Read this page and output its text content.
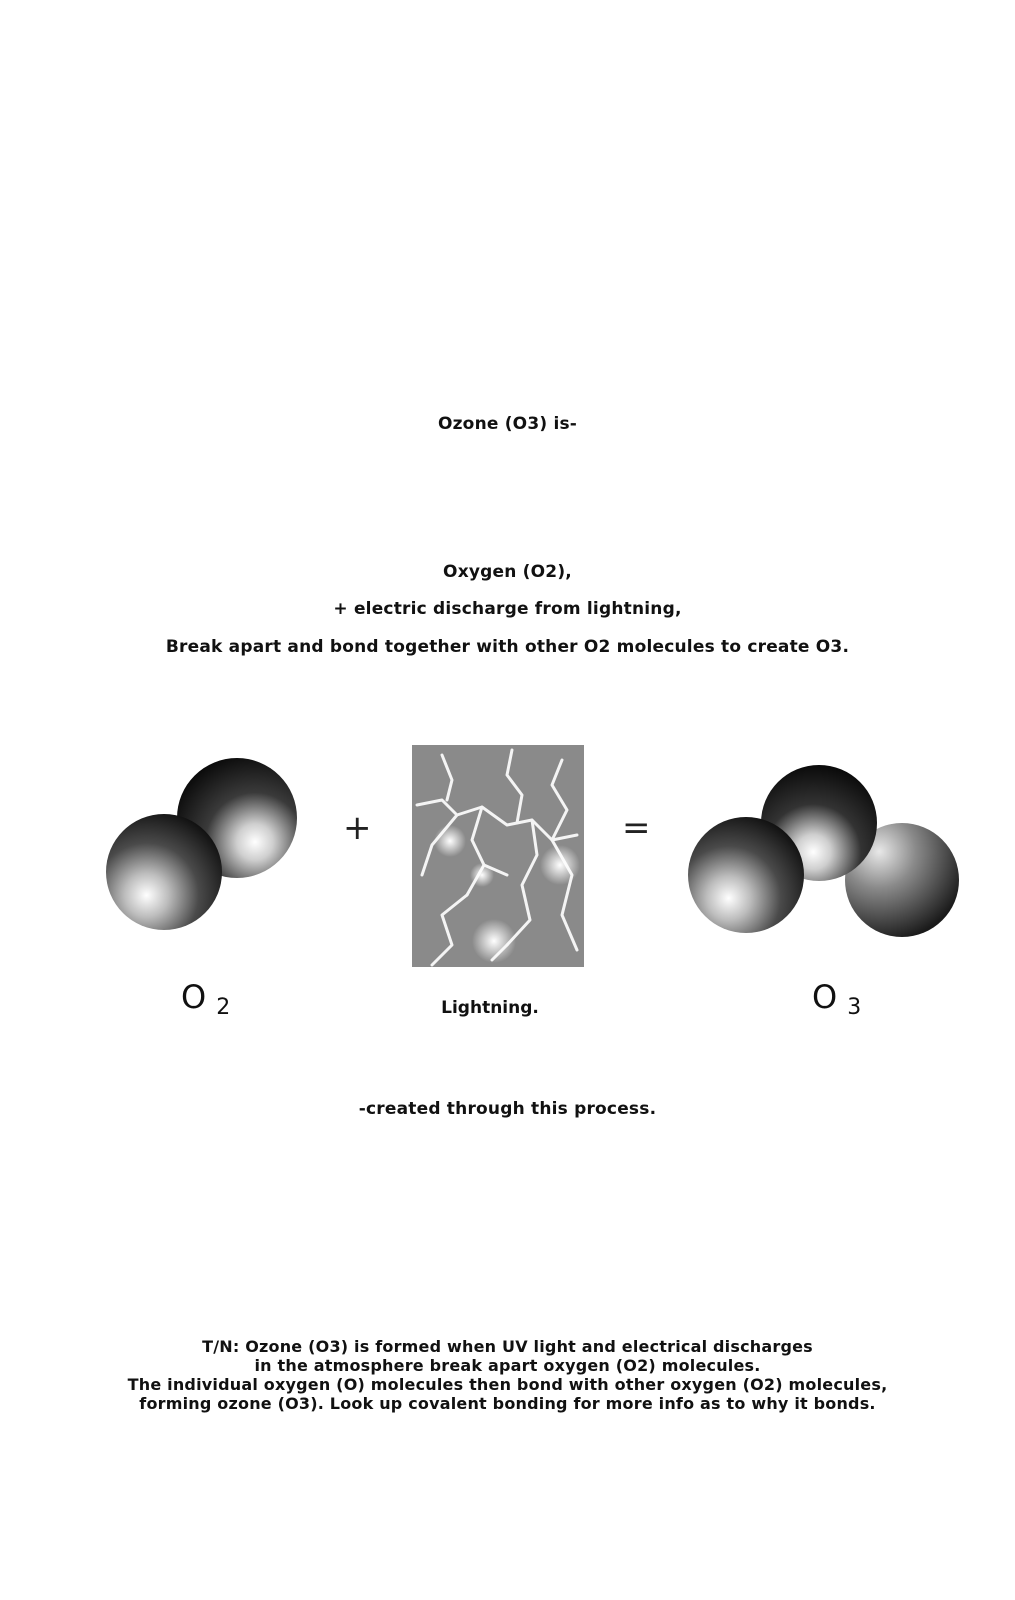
Ozone (O3) is-
Oxygen (O2),
+ electric discharge from lightning,
Break apart and bond together with other O2 molecules to create O3.
+	=
O 2	Lightning.	O 3
-created through this process.
T/N: Ozone (O3) is formed when UV light and electrical discharges
in the atmosphere break apart oxygen (O2) molecules.
The individual oxygen (O) molecules then bond with other oxygen (O2) molecules,
forming ozone (O3). Look up covalent bonding for more info as to why it bonds.
